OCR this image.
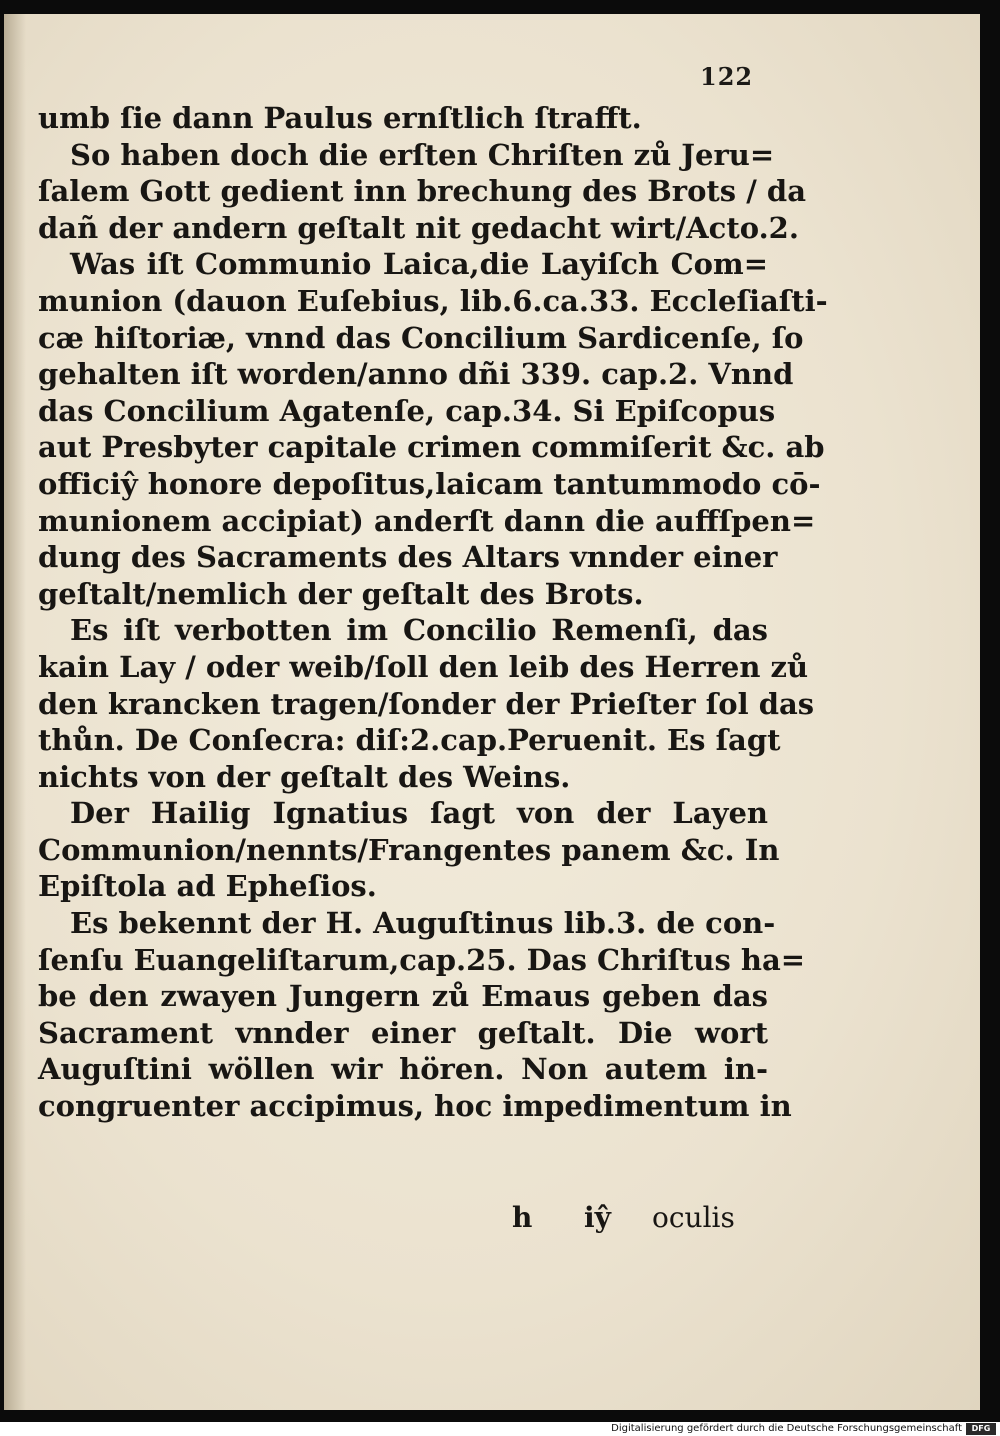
122
umb ſie dann Paulus ernſtlich ſtrafft.
So haben doch die erſten Chriſten zů Jeru=
ſalem Gott gedient inn brechung des Brots / da
dañ der andern geſtalt nit gedacht wirt/Acto.2.
Was iſt Communio Laica,die Layiſch Com=
munion (dauon Euſebius, lib.6.ca.33. Eccleſiaſti-
cæ hiſtoriæ, vnnd das Concilium Sardicenſe, ſo
gehalten iſt worden/anno dñi 339. cap.2. Vnnd
das Concilium Agatenſe, cap.34. Si Epiſcopus
aut Presbyter capitale crimen commiſerit &c. ab
officiŷ honore depoſitus,laicam tantummodo cō-
munionem accipiat) anderſt dann die auffſpen=
dung des Sacraments des Altars vnnder einer
geſtalt/nemlich der geſtalt des Brots.
Es iſt verbotten im Concilio Remenſi, das
kain Lay / oder weib/ſoll den leib des Herren zů
den krancken tragen/ſonder der Prieſter ſol das
thůn. De Conſecra: diſ:2.cap.Peruenit. Es ſagt
nichts von der geſtalt des Weins.
Der Hailig Ignatius ſagt von der Layen
Communion/nennts/Frangentes panem &c. In
Epiſtola ad Epheſios.
Es bekennt der H. Auguſtinus lib.3. de con-
ſenſu Euangeliſtarum,cap.25. Das Chriſtus ha=
be den zwayen Jungern zů Emaus geben das
Sacrament vnnder einer geſtalt. Die wort
Auguſtini wöllen wir hören. Non autem in-
congruenter accipimus, hoc impedimentum in
h iŷ oculis
Digitalisierung gefördert durch die Deutsche Forschungsgemeinschaft	DFG
